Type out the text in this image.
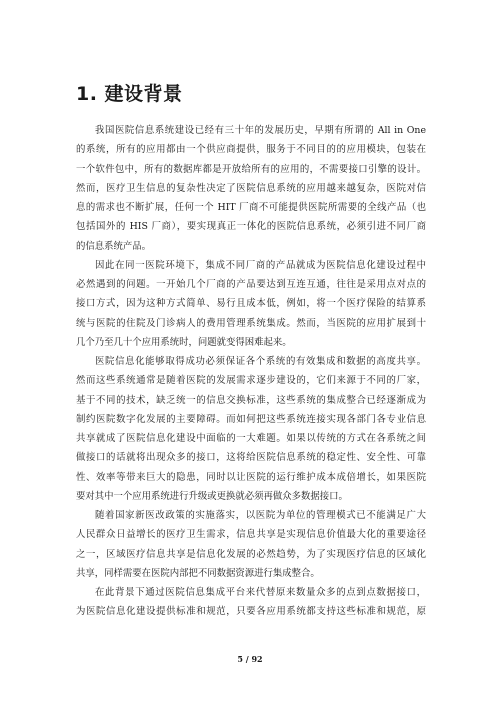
1. 建设背景
我国医院信息系统建设已经有三十年的发展历史，早期有所谓的 All in One
的系统，所有的应用都由一个供应商提供，服务于不同目的的应用模块，包装在
一个软件包中，所有的数据库都是开放给所有的应用的，不需要接口引擎的设计。
然而，医疗卫生信息的复杂性决定了医院信息系统的应用越来越复杂，医院对信
息的需求也不断扩展，任何一个 HIT 厂商不可能提供医院所需要的全线产品（也
包括国外的 HIS 厂商），要实现真正一体化的医院信息系统，必须引进不同厂商
的信息系统产品。
因此在同一医院环境下，集成不同厂商的产品就成为医院信息化建设过程中
必然遇到的问题。一开始几个厂商的产品要达到互连互通，往往是采用点对点的
接口方式，因为这种方式简单、易行且成本低，例如，将一个医疗保险的结算系
统与医院的住院及门诊病人的费用管理系统集成。然而，当医院的应用扩展到十
几个乃至几十个应用系统时，问题就变得困难起来。
医院信息化能够取得成功必须保证各个系统的有效集成和数据的高度共享。
然而这些系统通常是随着医院的发展需求逐步建设的，它们来源于不同的厂家，
基于不同的技术，缺乏统一的信息交换标准，这些系统的集成整合已经逐渐成为
制约医院数字化发展的主要障碍。而如何把这些系统连接实现各部门各专业信息
共享就成了医院信息化建设中面临的一大难题。如果以传统的方式在各系统之间
做接口的话就将出现众多的接口，这将给医院信息系统的稳定性、安全性、可靠
性、效率等带来巨大的隐患，同时以让医院的运行维护成本成倍增长，如果医院
要对其中一个应用系统进行升级或更换就必须再做众多数据接口。
随着国家新医改政策的实施落实，以医院为单位的管理模式已不能满足广大
人民群众日益增长的医疗卫生需求，信息共享是实现信息价值最大化的重要途径
之一，区域医疗信息共享是信息化发展的必然趋势，为了实现医疗信息的区域化
共享，同样需要在医院内部把不同数据资源进行集成整合。
在此背景下通过医院信息集成平台来代替原来数量众多的点到点数据接口，
为医院信息化建设提供标准和规范，只要各应用系统都支持这些标准和规范，原
5 / 92
